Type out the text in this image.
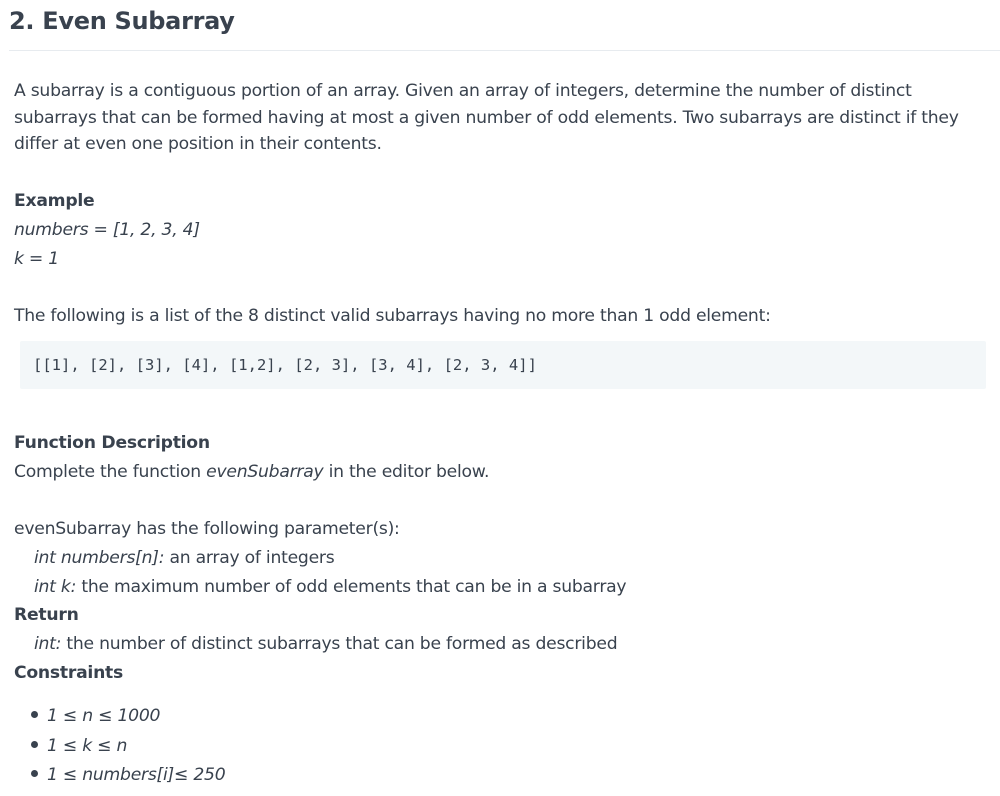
2. Even Subarray
A subarray is a contiguous portion of an array. Given an array of integers, determine the number of distinct subarrays that can be formed having at most a given number of odd elements. Two subarrays are distinct if they differ at even one position in their contents.
Example
numbers = [1, 2, 3, 4]
k = 1
The following is a list of the 8 distinct valid subarrays having no more than 1 odd element:
[[1], [2], [3], [4], [1,2], [2, 3], [3, 4], [2, 3, 4]]
Function Description
Complete the function evenSubarray in the editor below.
evenSubarray has the following parameter(s):
int numbers[n]: an array of integers
int k: the maximum number of odd elements that can be in a subarray
Return
int: the number of distinct subarrays that can be formed as described
Constraints
1 ≤ n ≤ 1000
1 ≤ k ≤ n
1 ≤ numbers[i]≤ 250
